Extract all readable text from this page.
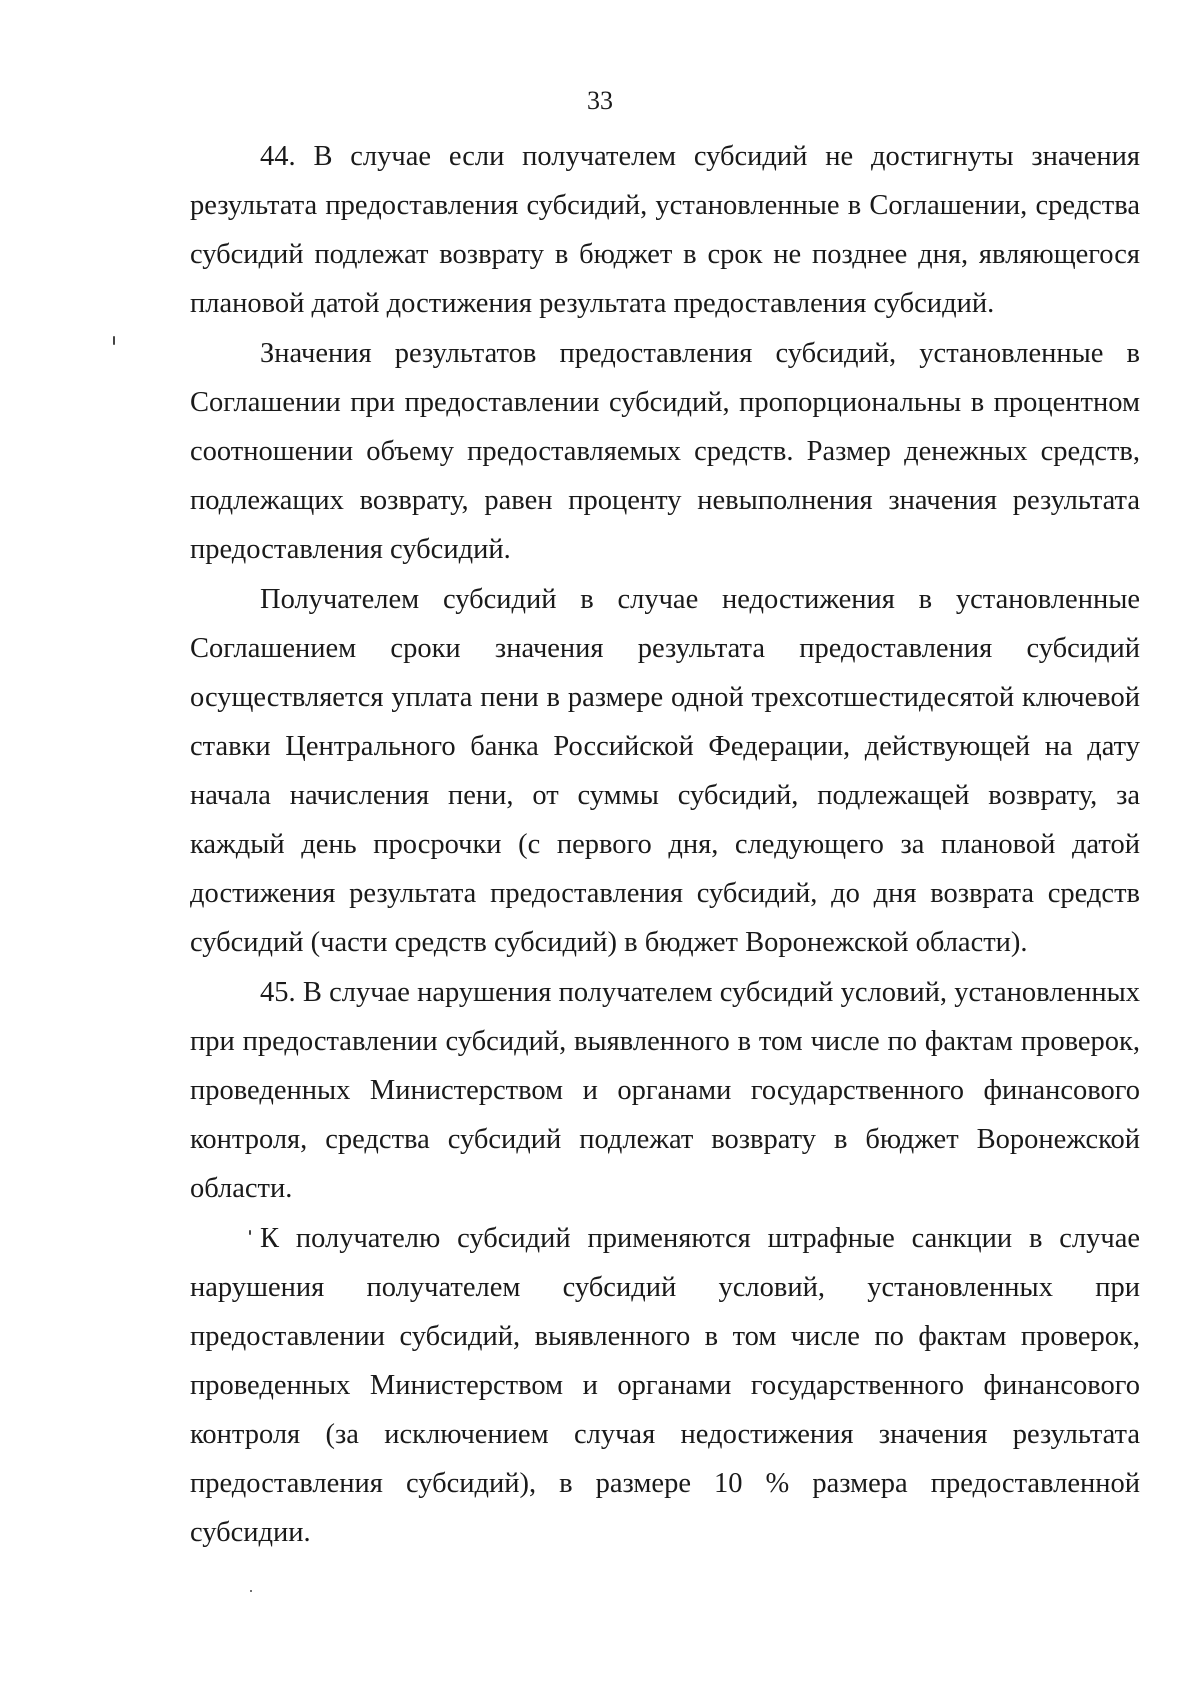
33

44. В случае если получателем субсидий не достигнуты значения результата предоставления субсидий, установленные в Соглашении, средства субсидий подлежат возврату в бюджет в срок не позднее дня, являющегося плановой датой достижения результата предоставления субсидий.

Значения результатов предоставления субсидий, установленные в Соглашении при предоставлении субсидий, пропорциональны в процентном соотношении объему предоставляемых средств. Размер денежных средств, подлежащих возврату, равен проценту невыполнения значения результата предоставления субсидий.

Получателем субсидий в случае недостижения в установленные Соглашением сроки значения результата предоставления субсидий осуществляется уплата пени в размере одной трехсотшестидесятой ключевой ставки Центрального банка Российской Федерации, действующей на дату начала начисления пени, от суммы субсидий, подлежащей возврату, за каждый день просрочки (с первого дня, следующего за плановой датой достижения результата предоставления субсидий, до дня возврата средств субсидий (части средств субсидий) в бюджет Воронежской области).

45. В случае нарушения получателем субсидий условий, установленных при предоставлении субсидий, выявленного в том числе по фактам проверок, проведенных Министерством и органами государственного финансового контроля, средства субсидий подлежат возврату в бюджет Воронежской области.

К получателю субсидий применяются штрафные санкции в случае нарушения получателем субсидий условий, установленных при предоставлении субсидий, выявленного в том числе по фактам проверок, проведенных Министерством и органами государственного финансового контроля (за исключением случая недостижения значения результата предоставления субсидий), в размере 10 % размера предоставленной субсидии.
